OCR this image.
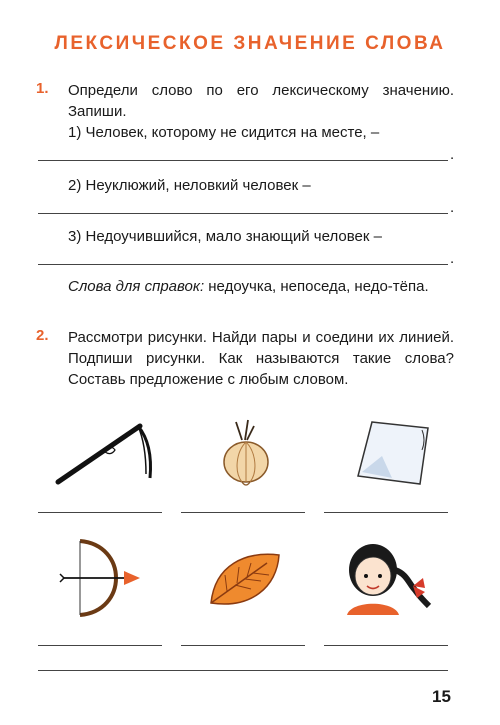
ЛЕКСИЧЕСКОЕ ЗНАЧЕНИЕ СЛОВА
1. Определи слово по его лексическому значению. Запиши.
1) Человек, которому не сидится на месте, –
.
2) Неуклюжий, неловкий человек –
.
3) Недоучившийся, мало знающий человек –
.
Слова для справок: недоучка, непоседа, недо-тёпа.
2. Рассмотри рисунки. Найди пары и соедини их линией. Подпиши рисунки. Как называются такие слова? Составь предложение с любым словом.
15
